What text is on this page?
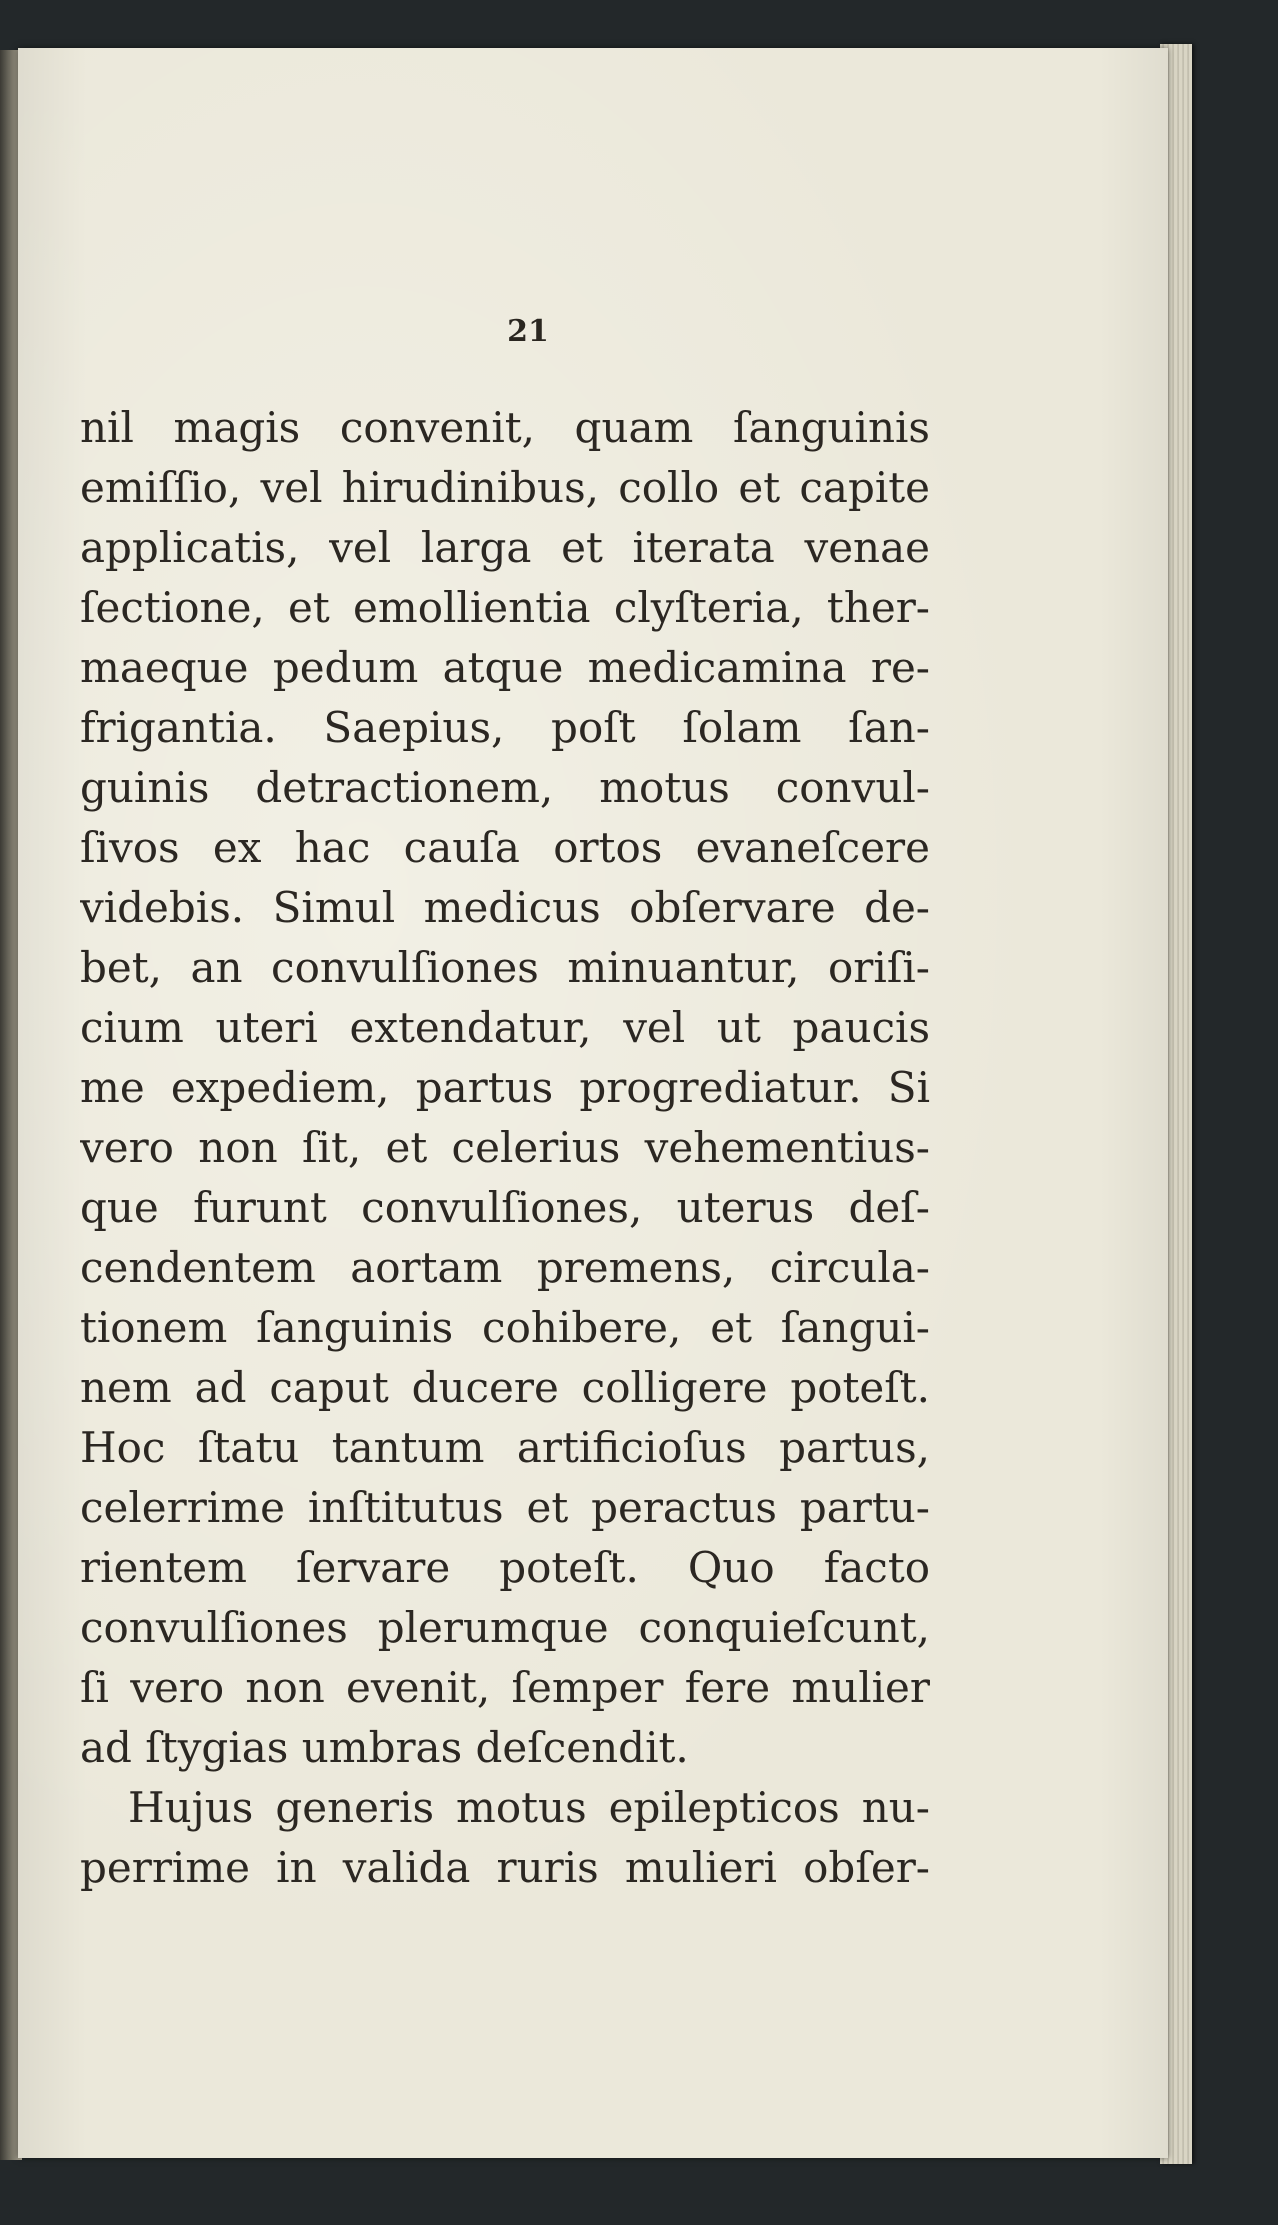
21
nil magis convenit, quam ſanguinis
emiſſio, vel hirudinibus, collo et capite
applicatis, vel larga et iterata venae
ſectione, et emollientia clyſteria, ther-
maeque pedum atque medicamina re-
frigantia. Saepius, poſt ſolam ſan-
guinis detractionem, motus convul-
ſivos ex hac cauſa ortos evaneſcere
videbis. Simul medicus obſervare de-
bet, an convulſiones minuantur, oriſi-
cium uteri extendatur, vel ut paucis
me expediem, partus progrediatur. Si
vero non ſit, et celerius vehementius-
que furunt convulſiones, uterus deſ-
cendentem aortam premens, circula-
tionem ſanguinis cohibere, et ſangui-
nem ad caput ducere colligere poteſt.
Hoc ſtatu tantum artificioſus partus,
celerrime inſtitutus et peractus partu-
rientem ſervare poteſt. Quo facto
convulſiones plerumque conquieſcunt,
ſi vero non evenit, ſemper fere mulier
ad ſtygias umbras deſcendit.
Hujus generis motus epilepticos nu-
perrime in valida ruris mulieri obſer-
